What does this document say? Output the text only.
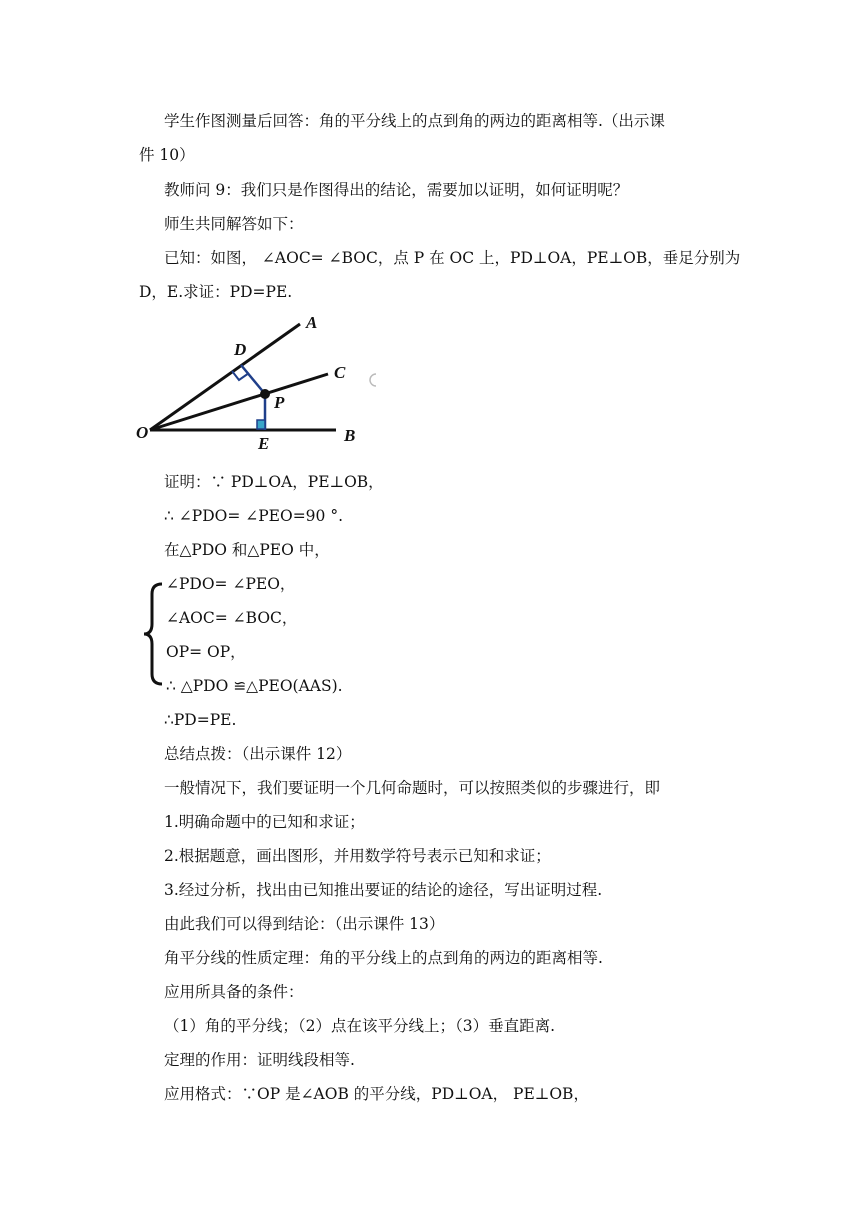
学生作图测量后回答：角的平分线上的点到角的两边的距离相等.（出示课
件 10）
教师问 9：我们只是作图得出的结论，需要加以证明，如何证明呢？
师生共同解答如下：
已知：如图， ∠AOC= ∠BOC，点 P 在 OC 上，PD⊥OA，PE⊥OB，垂足分别为
D，E.求证：PD=PE.
A
C
D
P
O
E	B
证明：∵ PD⊥OA，PE⊥OB，
∴ ∠PDO= ∠PEO=90 °.
在△PDO 和△PEO 中，
∠PDO= ∠PEO，
∠AOC= ∠BOC，
OP= OP，
∴ △PDO ≌△PEO(AAS).
∴PD=PE.
总结点拨：（出示课件 12）
一般情况下，我们要证明一个几何命题时，可以按照类似的步骤进行，即
1.明确命题中的已知和求证；
2.根据题意，画出图形，并用数学符号表示已知和求证；
3.经过分析，找出由已知推出要证的结论的途径，写出证明过程.
由此我们可以得到结论：（出示课件 13）
角平分线的性质定理：角的平分线上的点到角的两边的距离相等.
应用所具备的条件：
（1）角的平分线；（2）点在该平分线上；（3）垂直距离.
定理的作用：证明线段相等.
应用格式：∵OP 是∠AOB 的平分线，PD⊥OA， PE⊥OB，
